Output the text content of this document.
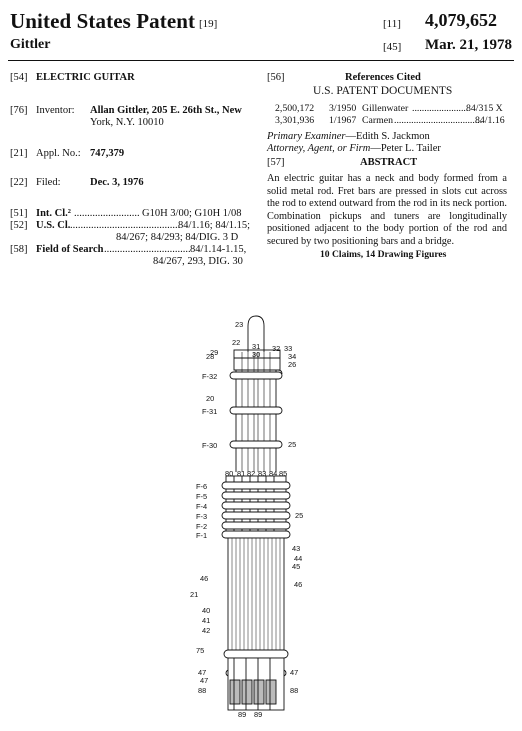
United States Patent [19]
Gittler
[11] 4,079,652
[45] Mar. 21, 1978
[54] ELECTRIC GUITAR
[76] Inventor: Allan Gittler, 205 E. 26th St., New
York, N.Y. 10010
[21] Appl. No.: 747,379
[22] Filed:	Dec. 3, 1976
[51] Int. Cl.² ......................... G10H 3/00; G10H 1/08
[52] U.S. Cl. ..........................................
84/1.16; 84/1.15;
84/267; 84/293; 84/DIG. 3 D
[58] Field of Search ................................. 84/1.14-1.15,
84/267, 293, DIG. 30
[56]	References Cited
U.S. PATENT DOCUMENTS
2,500,172 3/1950 Gillenwater .......................
84/315 X
3,301,936 1/1967 Carmen ....................................
84/1.16
Primary Examiner—Edith S. Jackmon
Attorney, Agent, or Firm—Peter L. Tailer
[57]	ABSTRACT
An electric guitar has a neck and body formed from a solid metal rod. Fret bars are pressed in slots cut across the rod to extend outward from the rod in its neck portion. Combination pickups and tuners are longitudinally positioned adjacent to the body portion of the rod and secured by two positioning bars and a bridge.
10 Claims, 14 Drawing Figures
23
22 31
30
32 33
29
28
F-32
20
F-31
F-30
34
26
25
80 81 82 83 84 85
F-6
F-5
F-4
F-3
F-2
F-1
25
43
44
45
46
46
21
40
41
42
75
47
47
88
47
88
89 89
